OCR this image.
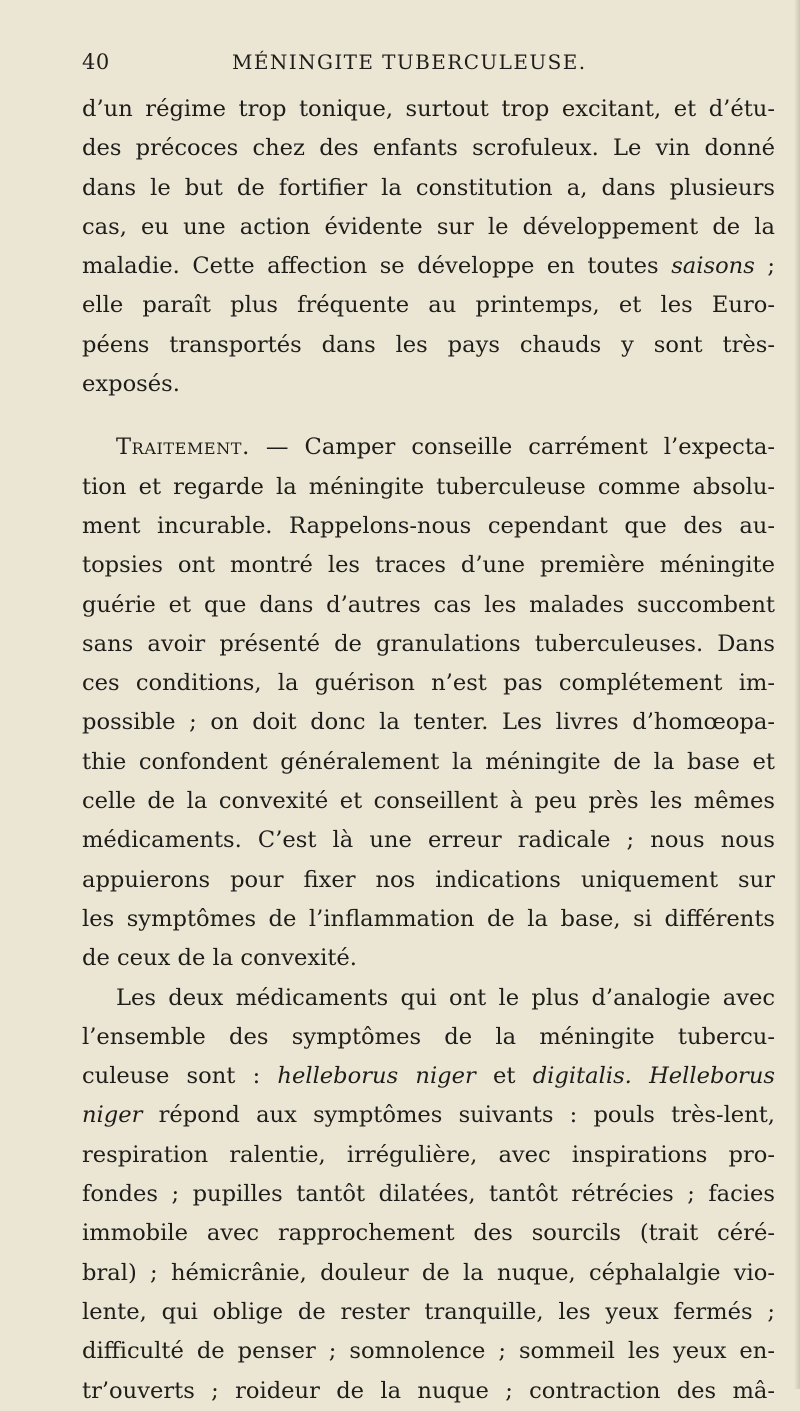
40	MÉNINGITE TUBERCULEUSE.
d’un régime trop tonique, surtout trop excitant, et d’étu-
des précoces chez des enfants scrofuleux. Le vin donné
dans le but de fortifier la constitution a, dans plusieurs
cas, eu une action évidente sur le développement de la
maladie. Cette affection se développe en toutes saisons ;
elle paraît plus fréquente au printemps, et les Euro-
péens transportés dans les pays chauds y sont très-
exposés.
Traitement. — Camper conseille carrément l’expecta-
tion et regarde la méningite tuberculeuse comme absolu-
ment incurable. Rappelons-nous cependant que des au-
topsies ont montré les traces d’une première méningite
guérie et que dans d’autres cas les malades succombent
sans avoir présenté de granulations tuberculeuses. Dans
ces conditions, la guérison n’est pas complétement im-
possible ; on doit donc la tenter. Les livres d’homœopa-
thie confondent généralement la méningite de la base et
celle de la convexité et conseillent à peu près les mêmes
médicaments. C’est là une erreur radicale ; nous nous
appuierons pour fixer nos indications uniquement sur
les symptômes de l’inflammation de la base, si différents
de ceux de la convexité.
Les deux médicaments qui ont le plus d’analogie avec
l’ensemble des symptômes de la méningite tubercu-
culeuse sont : helleborus niger et digitalis. Helleborus
niger répond aux symptômes suivants : pouls très-lent,
respiration ralentie, irrégulière, avec inspirations pro-
fondes ; pupilles tantôt dilatées, tantôt rétrécies ; facies
immobile avec rapprochement des sourcils (trait céré-
bral) ; hémicrânie, douleur de la nuque, céphalalgie vio-
lente, qui oblige de rester tranquille, les yeux fermés ;
difficulté de penser ; somnolence ; sommeil les yeux en-
tr’ouverts ; roideur de la nuque ; contraction des mâ-
